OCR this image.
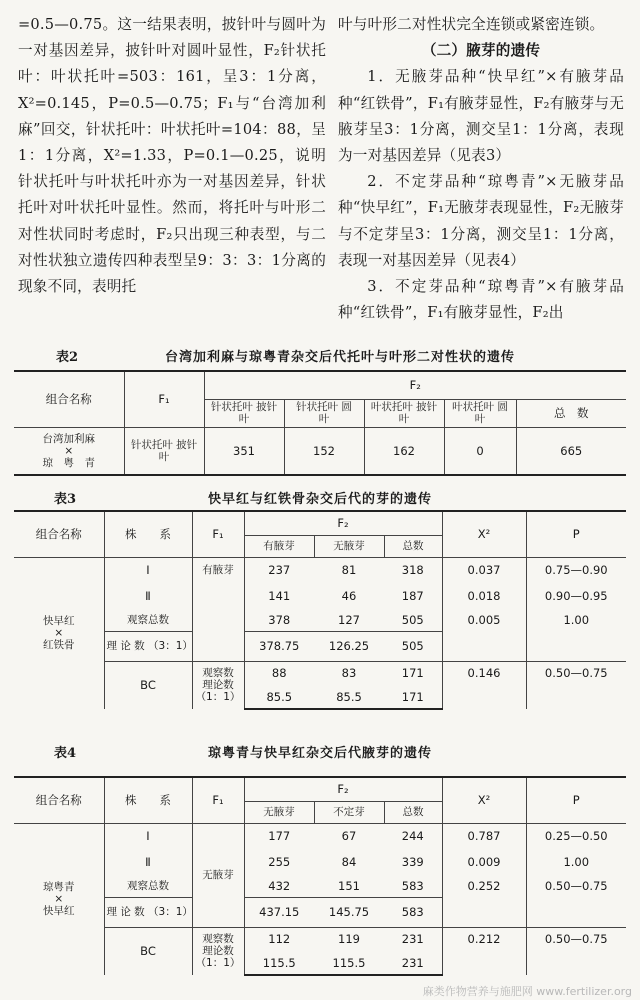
=0.5—0.75。这一结果表明，披针叶与圆叶为一对基因差异，披针叶对圆叶显性，F₂针状托叶：叶状托叶=503：161，呈3：1分离，X²=0.145，P=0.5—0.75；F₁与“台湾加利麻”回交，针状托叶：叶状托叶=104：88，呈1：1分离，X²=1.33，P=0.1—0.25，说明针状托叶与叶状托叶亦为一对基因差异，针状托叶对叶状托叶显性。然而，将托叶与叶形二对性状同时考虑时，F₂只出现三种表型，与二对性状独立遗传四种表型呈9：3：3：1分离的现象不同，表明托

叶与叶形二对性状完全连锁或紧密连锁。

（二）腋芽的遗传

1．无腋芽品种“快早红”×有腋芽品种“红铁骨”，F₁有腋芽显性，F₂有腋芽与无腋芽呈3：1分离，测交呈1：1分离，表现为一对基因差异（见表3）

2．不定芽品种“琼粤青”×无腋芽品种“快早红”，F₁无腋芽表现显性，F₂无腋芽与不定芽呈3：1分离，测交呈1：1分离，表现一对基因差异（见表4）

3．不定芽品种“琼粤青”×有腋芽品种“红铁骨”，F₁有腋芽显性，F₂出

表2	台湾加利麻与琼粤青杂交后代托叶与叶形二对性状的遗传
组合名称	F₁	F₂				
		针状托叶 披针叶	针状托叶 圆　叶	叶状托叶 披针叶	叶状托叶 圆　叶	总　数

台湾加利麻
×
琼　粤　青	针状托叶 披针叶	351	152	162	0	665
表3	快早红与红铁骨杂交后代的芽的遗传
组合名称	株　　系	F₁	F₂			X²	P
			有腋芽	无腋芽	总数		

快早红
×
红铁骨	Ⅰ	有腋芽	237	81	318	0.037	0.75—0.90
	Ⅱ		141	46	187	0.018	0.90—0.95
	观察总数		378	127	505	0.005	1.00
	理 论 数 （3：1）		378.75	126.25	505		
	BC	观察数
理论数
（1：1）	88	83	171	0.146	0.50—0.75
			85.5	85.5	171		
表4	琼粤青与快早红杂交后代腋芽的遗传
组合名称	株　　系	F₁	F₂			X²	P
			无腋芽	不定芽	总数		

琼粤青
×
快早红	Ⅰ	无腋芽	177	67	244	0.787	0.25—0.50
	Ⅱ		255	84	339	0.009	1.00
	观察总数		432	151	583	0.252	0.50—0.75
	理 论 数 （3：1）		437.15	145.75	583		
	BC	观察数
理论数
（1：1）	112	119	231	0.212	0.50—0.75
			115.5	115.5	231		
麻类作物营养与施肥网 www.fertilizer.org
